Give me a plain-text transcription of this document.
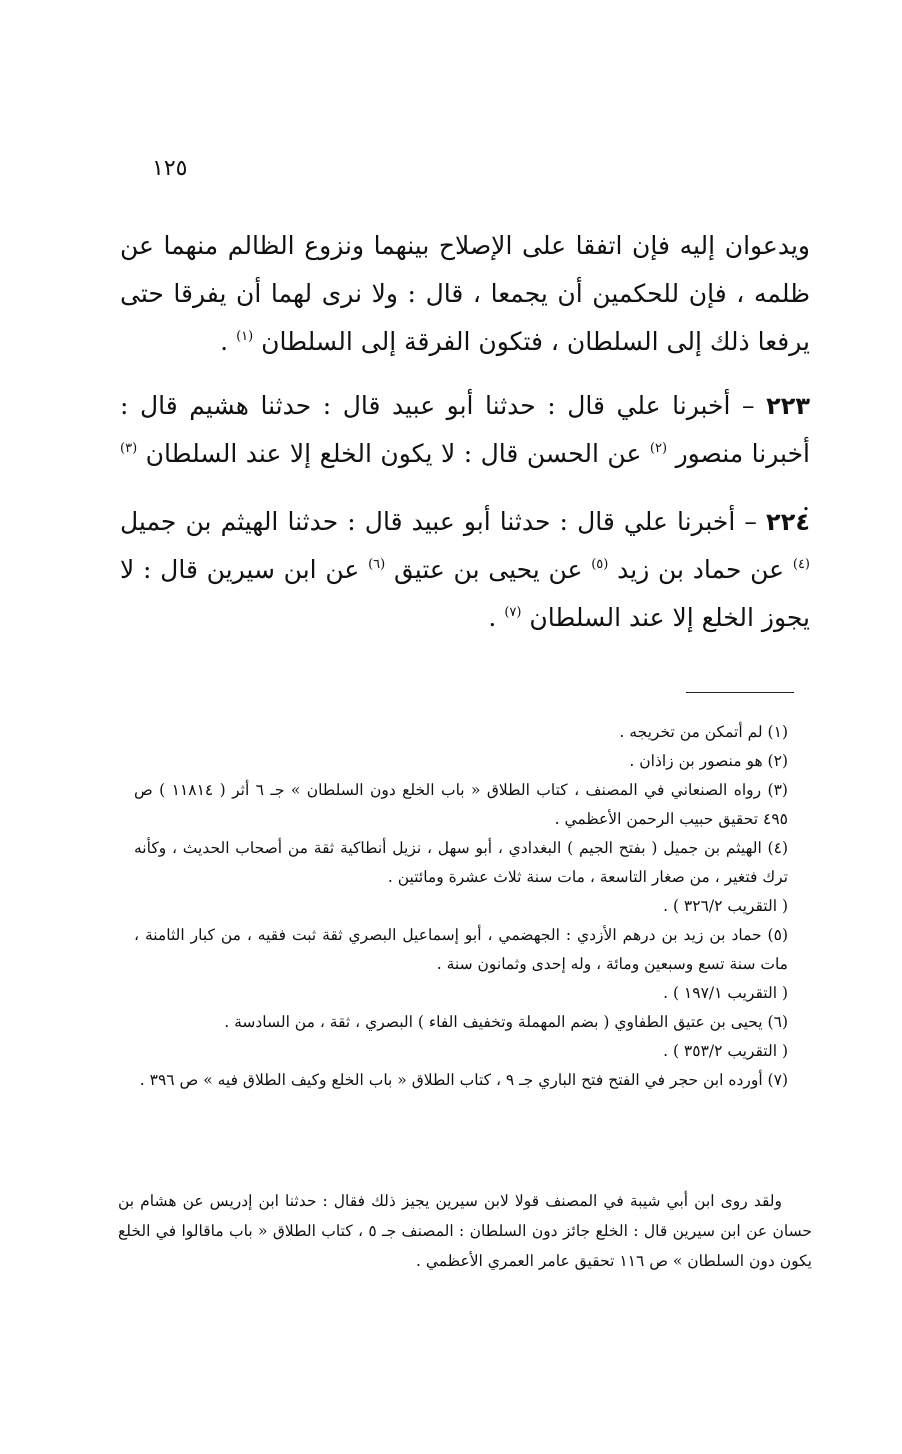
١٢٥
ويدعوان إليه فإن اتفقا على الإصلاح بينهما ونزوع الظالم منهما عن ظلمه ، فإن للحكمين أن يجمعا ، قال : ولا نرى لهما أن يفرقا حتى يرفعا ذلك إلى السلطان ، فتكون الفرقة إلى السلطان $^{(١)}$ .
٢٢٣ – أخبرنا علي قال : حدثنا أبو عبيد قال : حدثنا هشيم قال : أخبرنا منصور $^{(٢)}$ عن الحسن قال : لا يكون الخلع إلا عند السلطان $^{(٣)}$ .
٢٢٤ – أخبرنا علي قال : حدثنا أبو عبيد قال : حدثنا الهيثم بن جميل $^{(٤)}$ عن حماد بن زيد $^{(٥)}$ عن يحيى بن عتيق $^{(٦)}$ عن ابن سيرين قال : لا يجوز الخلع إلا عند السلطان $^{(٧)}$ .

(١) لم أتمكن من تخريجه .

(٢) هو منصور بن زاذان .

(٣) رواه الصنعاني في المصنف ، كتاب الطلاق « باب الخلع دون السلطان » جـ ٦ أثر ( ١١٨١٤ ) ص ٤٩٥ تحقيق حبيب الرحمن الأعظمي .

(٤) الهيثم بن جميل ( بفتح الجيم ) البغدادي ، أبو سهل ، نزيل أنطاكية ثقة من أصحاب الحديث ، وكأنه ترك فتغير ، من صغار التاسعة ، مات سنة ثلاث عشرة ومائتين .

( التقريب ٣٢٦/٢ ) .

(٥) حماد بن زيد بن درهم الأزدي : الجهضمي ، أبو إسماعيل البصري ثقة ثبت فقيه ، من كبار الثامنة ، مات سنة تسع وسبعين ومائة ، وله إحدى وثمانون سنة .

( التقريب ١٩٧/١ ) .

(٦) يحيى بن عتيق الطفاوي ( بضم المهملة وتخفيف الفاء ) البصري ، ثقة ، من السادسة .

( التقريب ٣٥٣/٢ ) .

(٧) أورده ابن حجر في الفتح فتح الباري جـ ٩ ، كتاب الطلاق « باب الخلع وكيف الطلاق فيه » ص ٣٩٦ .

ولقد روى ابن أبي شيبة في المصنف قولا لابن سيرين يجيز ذلك فقال : حدثنا ابن إدريس عن هشام بن حسان عن ابن سيرين قال : الخلع جائز دون السلطان : المصنف جـ ٥ ، كتاب الطلاق « باب ماقالوا في الخلع يكون دون السلطان » ص ١١٦ تحقيق عامر العمري الأعظمي .
